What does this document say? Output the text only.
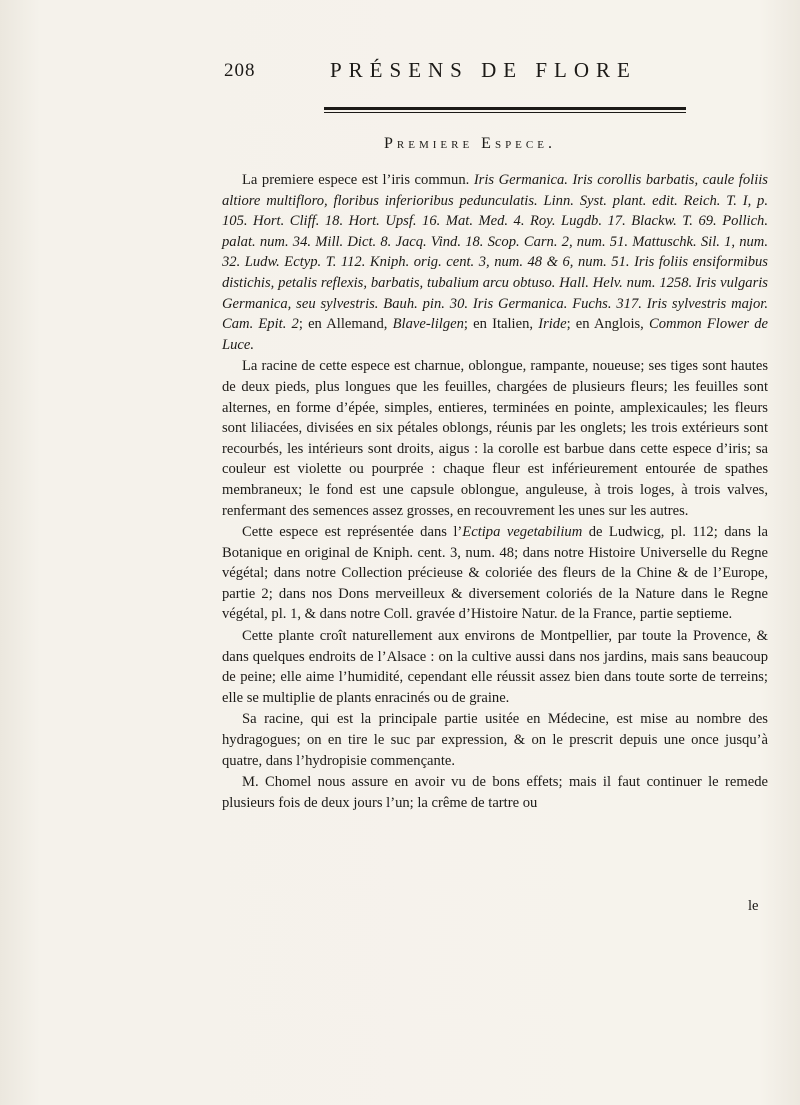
208	PRÉSENS DE FLORE
Premiere Espece.

La premiere espece est l’iris commun. Iris Germanica. Iris corollis barbatis, caule foliis altiore multifloro, floribus inferioribus pedunculatis. Linn. Syst. plant. edit. Reich. T. I, p. 105. Hort. Cliff. 18. Hort. Upsf. 16. Mat. Med. 4. Roy. Lugdb. 17. Blackw. T. 69. Pollich. palat. num. 34. Mill. Dict. 8. Jacq. Vind. 18. Scop. Carn. 2, num. 51. Mattuschk. Sil. 1, num. 32. Ludw. Ectyp. T. 112. Kniph. orig. cent. 3, num. 48 & 6, num. 51. Iris foliis ensiformibus distichis, petalis reflexis, barbatis, tubalium arcu obtuso. Hall. Helv. num. 1258. Iris vulgaris Germanica, seu sylvestris. Bauh. pin. 30. Iris Germanica. Fuchs. 317. Iris sylvestris major. Cam. Epit. 2; en Allemand, Blave-lilgen; en Italien, Iride; en Anglois, Common Flower de Luce.

La racine de cette espece est charnue, oblongue, rampante, noueuse; ses tiges sont hautes de deux pieds, plus longues que les feuilles, chargées de plusieurs fleurs; les feuilles sont alternes, en forme d’épée, simples, entieres, terminées en pointe, amplexicaules; les fleurs sont liliacées, divisées en six pétales oblongs, réunis par les onglets; les trois extérieurs sont recourbés, les intérieurs sont droits, aigus : la corolle est barbue dans cette espece d’iris; sa couleur est violette ou pourprée : chaque fleur est inférieurement entourée de spathes membraneux; le fond est une capsule oblongue, anguleuse, à trois loges, à trois valves, renfermant des semences assez grosses, en recouvrement les unes sur les autres.

Cette espece est représentée dans l’Ectipa vegetabilium de Ludwicg, pl. 112; dans la Botanique en original de Kniph. cent. 3, num. 48; dans notre Histoire Universelle du Regne végétal; dans notre Collection précieuse & coloriée des fleurs de la Chine & de l’Europe, partie 2; dans nos Dons merveilleux & diversement coloriés de la Nature dans le Regne végétal, pl. 1, & dans notre Coll. gravée d’Histoire Natur. de la France, partie septieme.

Cette plante croît naturellement aux environs de Montpellier, par toute la Provence, & dans quelques endroits de l’Alsace : on la cultive aussi dans nos jardins, mais sans beaucoup de peine; elle aime l’humidité, cependant elle réussit assez bien dans toute sorte de terreins; elle se multiplie de plants enracinés ou de graine.

Sa racine, qui est la principale partie usitée en Médecine, est mise au nombre des hydragogues; on en tire le suc par expression, & on le prescrit depuis une once jusqu’à quatre, dans l’hydropisie commençante.

M. Chomel nous assure en avoir vu de bons effets; mais il faut continuer le remede plusieurs fois de deux jours l’un; la crême de tartre ou

le
